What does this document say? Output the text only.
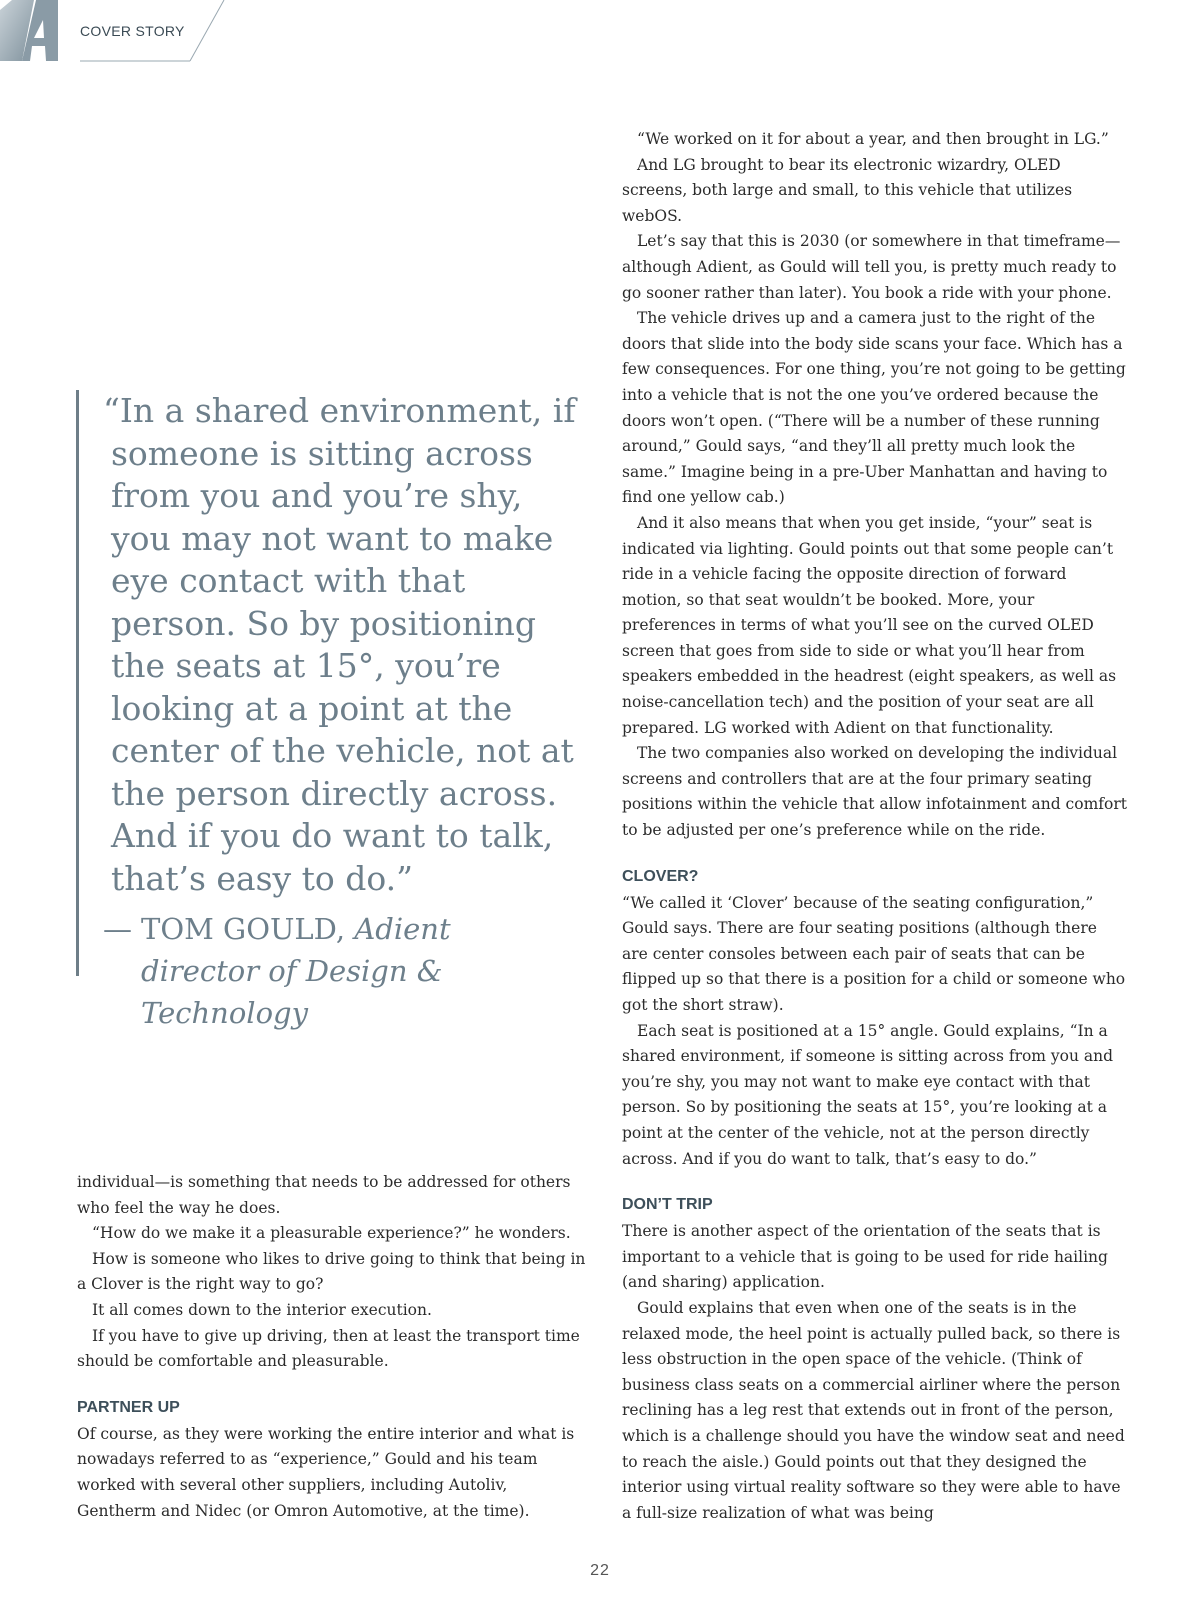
COVER STORY
“In a shared environment, if someone is sitting across from you and you’re shy, you may not want to make eye contact with that person. So by positioning the seats at 15°, you’re looking at a point at the center of the vehicle, not at the person directly across. And if you do want to talk, that’s easy to do.”
— TOM GOULD, Adient director of Design & Technology

individual—is something that needs to be addressed for others who feel the way he does.

“How do we make it a pleasurable experience?” he wonders.

How is someone who likes to drive going to think that being in a Clover is the right way to go?

It all comes down to the interior execution.

If you have to give up driving, then at least the transport time should be comfortable and pleasurable.

PARTNER UP

Of course, as they were working the entire interior and what is nowadays referred to as “experience,” Gould and his team worked with several other suppliers, including Autoliv, Gentherm and Nidec (or Omron Automotive, at the time).

“We worked on it for about a year, and then brought in LG.”

And LG brought to bear its electronic wizardry, OLED screens, both large and small, to this vehicle that utilizes webOS.

Let’s say that this is 2030 (or somewhere in that timeframe—although Adient, as Gould will tell you, is pretty much ready to go sooner rather than later). You book a ride with your phone.

The vehicle drives up and a camera just to the right of the doors that slide into the body side scans your face. Which has a few consequences. For one thing, you’re not going to be getting into a vehicle that is not the one you’ve ordered because the doors won’t open. (“There will be a number of these running around,” Gould says, “and they’ll all pretty much look the same.” Imagine being in a pre-Uber Manhattan and having to find one yellow cab.)

And it also means that when you get inside, “your” seat is indicated via lighting. Gould points out that some people can’t ride in a vehicle facing the opposite direction of forward motion, so that seat wouldn’t be booked. More, your preferences in terms of what you’ll see on the curved OLED screen that goes from side to side or what you’ll hear from speakers embedded in the headrest (eight speakers, as well as noise-cancellation tech) and the position of your seat are all prepared. LG worked with Adient on that functionality.

The two companies also worked on developing the individual screens and controllers that are at the four primary seating positions within the vehicle that allow infotainment and comfort to be adjusted per one’s preference while on the ride.

CLOVER?

“We called it ‘Clover’ because of the seating configuration,” Gould says. There are four seating positions (although there are center consoles between each pair of seats that can be flipped up so that there is a position for a child or someone who got the short straw).

Each seat is positioned at a 15° angle. Gould explains, “In a shared environment, if someone is sitting across from you and you’re shy, you may not want to make eye contact with that person. So by positioning the seats at 15°, you’re looking at a point at the center of the vehicle, not at the person directly across. And if you do want to talk, that’s easy to do.”

DON’T TRIP

There is another aspect of the orientation of the seats that is important to a vehicle that is going to be used for ride hailing (and sharing) application.

Gould explains that even when one of the seats is in the relaxed mode, the heel point is actually pulled back, so there is less obstruction in the open space of the vehicle. (Think of business class seats on a commercial airliner where the person reclining has a leg rest that extends out in front of the person, which is a challenge should you have the window seat and need to reach the aisle.) Gould points out that they designed the interior using virtual reality software so they were able to have a full-size realization of what was being

22
